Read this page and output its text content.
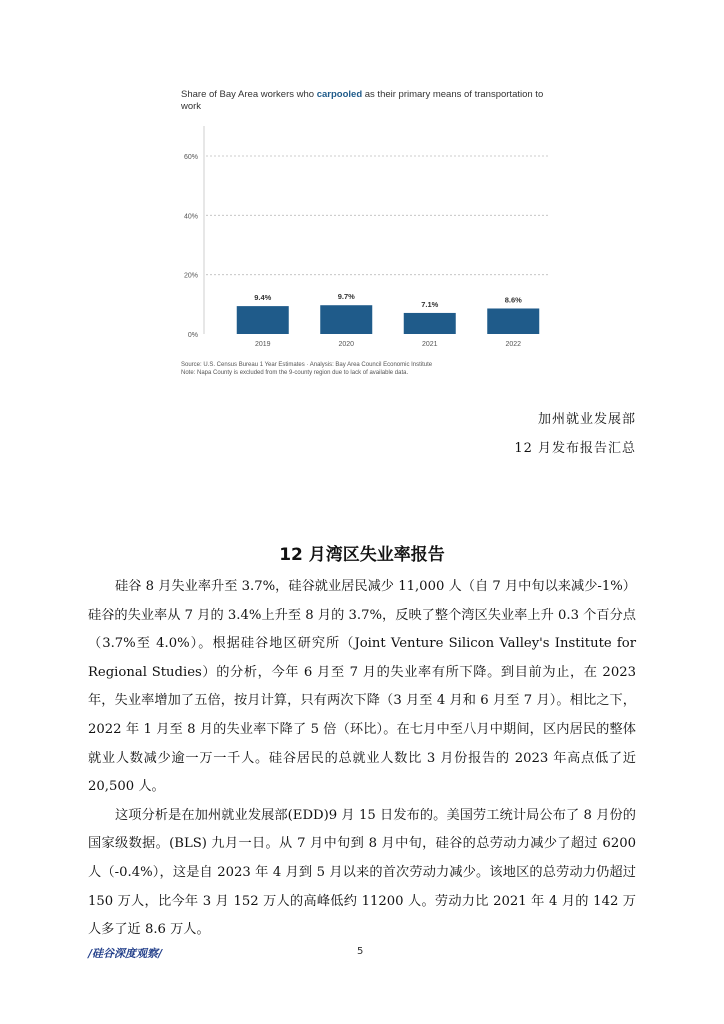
Share of Bay Area workers who carpooled as their primary means of transportation to work
0%
20%
40%
60%
9.4%
2019
9.7%
2020
7.1%
2021
8.6%
2022
Source: U.S. Census Bureau 1 Year Estimates · Analysis: Bay Area Council Economic Institute
Note: Napa County is excluded from the 9-county region due to lack of available data.
加州就业发展部
12 月发布报告汇总
12 月湾区失业率报告

硅谷 8 月失业率升至 3.7%，硅谷就业居民减少 11,000 人（自 7 月中旬以来减少-1%）硅谷的失业率从 7 月的 3.4%上升至 8 月的 3.7%，反映了整个湾区失业率上升 0.3 个百分点（3.7%至 4.0%）。根据硅谷地区研究所（Joint Venture Silicon Valley's Institute for Regional Studies）的分析，今年 6 月至 7 月的失业率有所下降。到目前为止，在 2023 年，失业率增加了五倍，按月计算，只有两次下降（3 月至 4 月和 6 月至 7 月）。相比之下，2022 年 1 月至 8 月的失业率下降了 5 倍（环比）。在七月中至八月中期间，区内居民的整体就业人数减少逾一万一千人。硅谷居民的总就业人数比 3 月份报告的 2023 年高点低了近 20,500 人。

这项分析是在加州就业发展部(EDD)9 月 15 日发布的。美国劳工统计局公布了 8 月份的国家级数据。(BLS) 九月一日。从 7 月中旬到 8 月中旬，硅谷的总劳动力减少了超过 6200 人（-0.4%），这是自 2023 年 4 月到 5 月以来的首次劳动力减少。该地区的总劳动力仍超过 150 万人，比今年 3 月 152 万人的高峰低约 11200 人。劳动力比 2021 年 4 月的 142 万人多了近 8.6 万人。

/硅谷深度观察/	5
